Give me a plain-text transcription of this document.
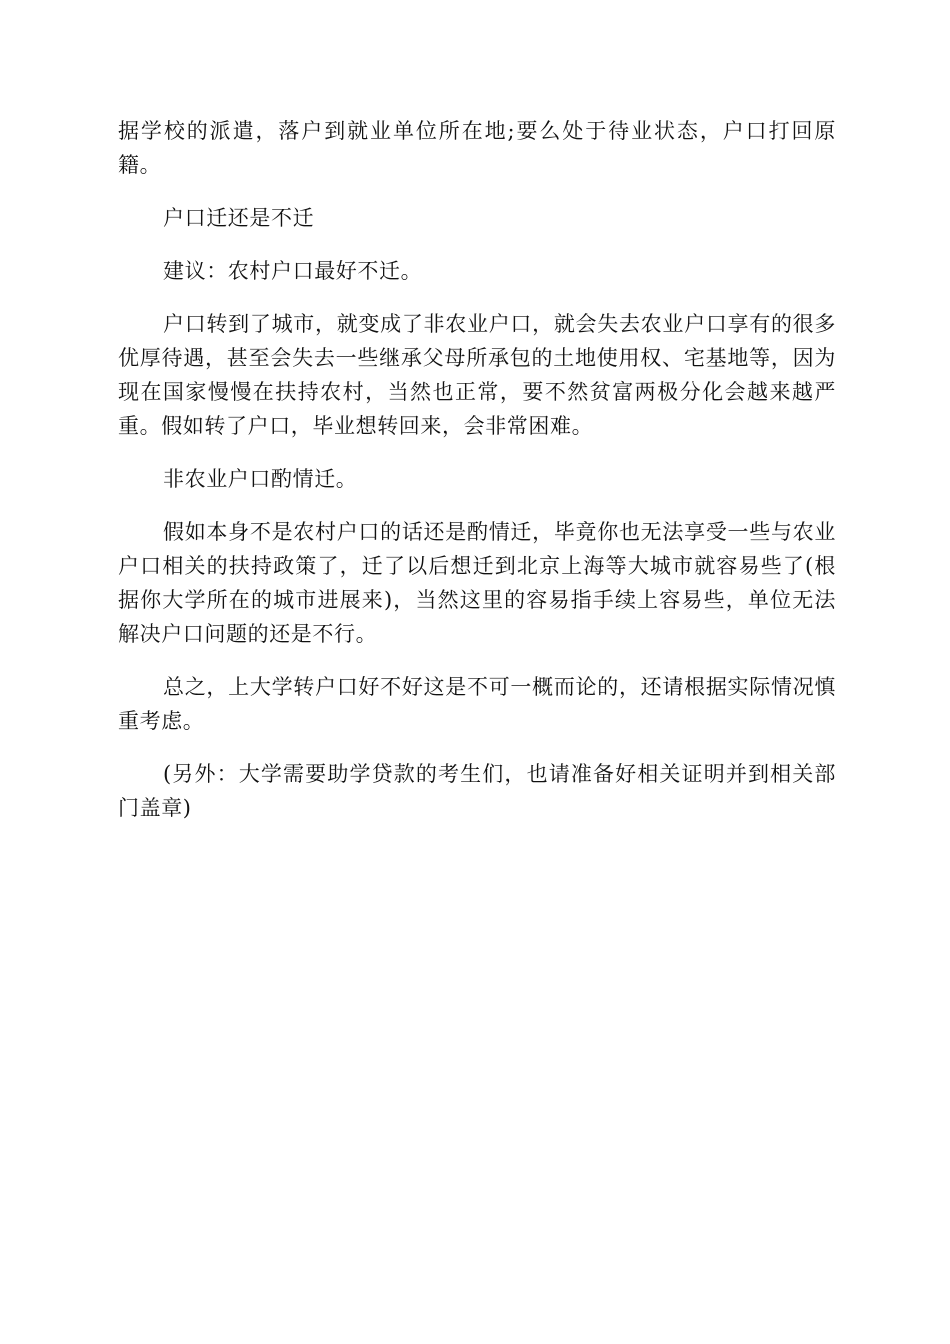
据学校的派遣，落户到就业单位所在地;要么处于待业状态，户口打回原籍。

户口迁还是不迁

建议：农村户口最好不迁。

户口转到了城市，就变成了非农业户口，就会失去农业户口享有的很多优厚待遇，甚至会失去一些继承父母所承包的土地使用权、宅基地等，因为现在国家慢慢在扶持农村，当然也正常，要不然贫富两极分化会越来越严重。假如转了户口，毕业想转回来，会非常困难。

非农业户口酌情迁。

假如本身不是农村户口的话还是酌情迁，毕竟你也无法享受一些与农业户口相关的扶持政策了，迁了以后想迁到北京上海等大城市就容易些了(根据你大学所在的城市进展来)，当然这里的容易指手续上容易些，单位无法解决户口问题的还是不行。

总之，上大学转户口好不好这是不可一概而论的，还请根据实际情况慎重考虑。

(另外：大学需要助学贷款的考生们，也请准备好相关证明并到相关部门盖章)
